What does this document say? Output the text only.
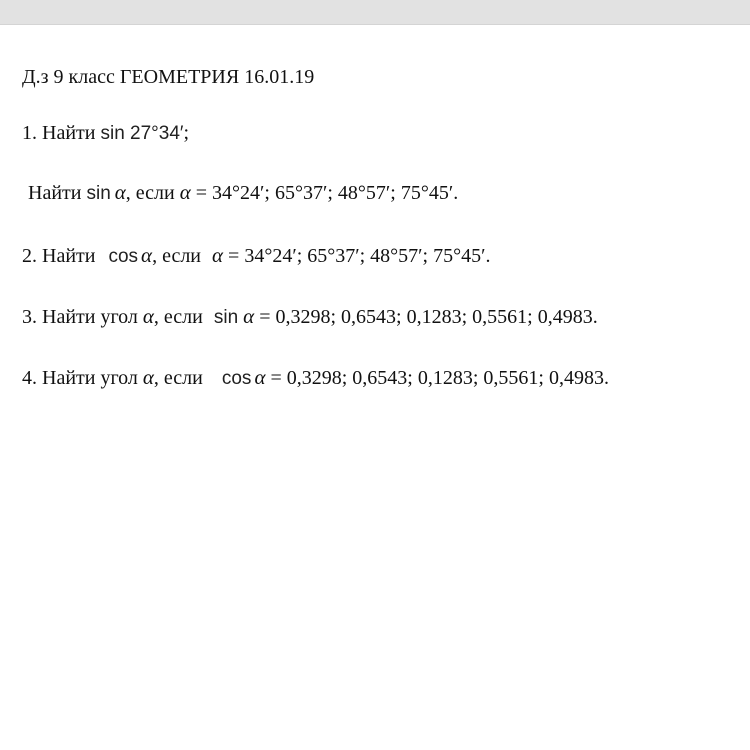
Д.з 9 класс ГЕОМЕТРИЯ 16.01.19
1. Найти sin 27°34′;
Найти sin α, если α = 34°24′; 65°37′; 48°57′; 75°45′.
2. Найти cos α, если α = 34°24′; 65°37′; 48°57′; 75°45′.
3. Найти угол α, если sin α = 0,3298; 0,6543; 0,1283; 0,5561; 0,4983.
4. Найти угол α, если cos α = 0,3298; 0,6543; 0,1283; 0,5561; 0,4983.
